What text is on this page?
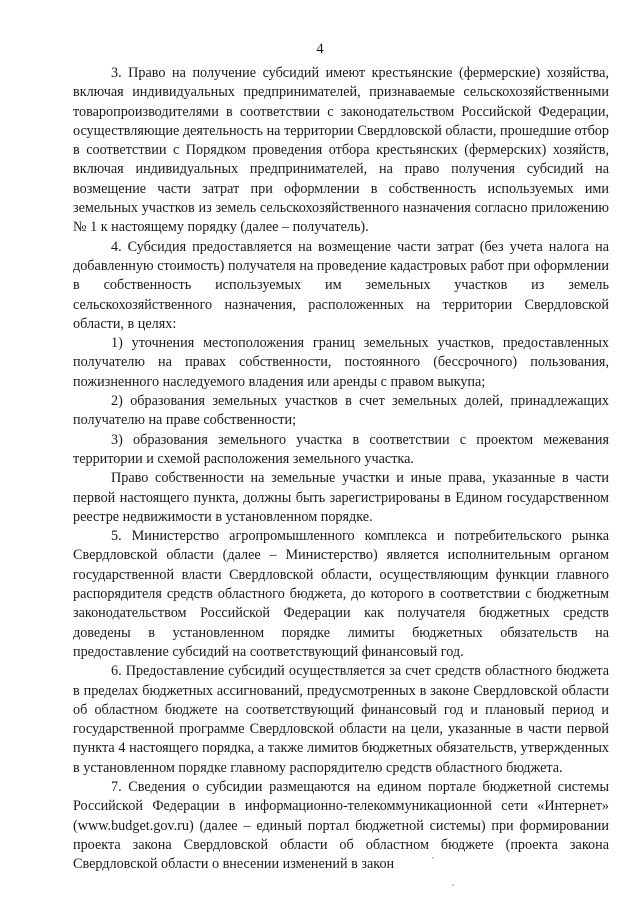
4

3. Право на получение субсидий имеют крестьянские (фермерские) хозяйства, включая индивидуальных предпринимателей, признаваемые сельскохозяйственными товаропроизводителями в соответствии с законодательством Российской Федерации, осуществляющие деятельность на территории Свердловской области, прошедшие отбор в соответствии с Порядком проведения отбора крестьянских (фермерских) хозяйств, включая индивидуальных предпринимателей, на право получения субсидий на возмещение части затрат при оформлении в собственность используемых ими земельных участков из земель сельскохозяйственного назначения согласно приложению № 1 к настоящему порядку (далее – получатель).

4. Субсидия предоставляется на возмещение части затрат (без учета налога на добавленную стоимость) получателя на проведение кадастровых работ при оформлении в собственность используемых им земельных участков из земель сельскохозяйственного назначения, расположенных на территории Свердловской области, в целях:

1) уточнения местоположения границ земельных участков, предоставленных получателю на правах собственности, постоянного (бессрочного) пользования, пожизненного наследуемого владения или аренды с правом выкупа;

2) образования земельных участков в счет земельных долей, принадлежащих получателю на праве собственности;

3) образования земельного участка в соответствии с проектом межевания территории и схемой расположения земельного участка.

Право собственности на земельные участки и иные права, указанные в части первой настоящего пункта, должны быть зарегистрированы в Едином государственном реестре недвижимости в установленном порядке.

5. Министерство агропромышленного комплекса и потребительского рынка Свердловской области (далее – Министерство) является исполнительным органом государственной власти Свердловской области, осуществляющим функции главного распорядителя средств областного бюджета, до которого в соответствии с бюджетным законодательством Российской Федерации как получателя бюджетных средств доведены в установленном порядке лимиты бюджетных обязательств на предоставление субсидий на соответствующий финансовый год.

6. Предоставление субсидий осуществляется за счет средств областного бюджета в пределах бюджетных ассигнований, предусмотренных в законе Свердловской области об областном бюджете на соответствующий финансовый год и плановый период и государственной программе Свердловской области на цели, указанные в части первой пункта 4 настоящего порядка, а также лимитов бюджетных обязательств, утвержденных в установленном порядке главному распорядителю средств областного бюджета.

7. Сведения о субсидии размещаются на едином портале бюджетной системы Российской Федерации в информационно-телекоммуникационной сети «Интернет» (www.budget.gov.ru) (далее – единый портал бюджетной системы) при формировании проекта закона Свердловской области об областном бюджете (проекта закона Свердловской области о внесении изменений в закон
